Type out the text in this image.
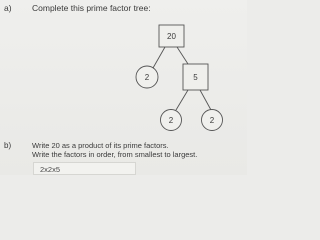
a) Complete this prime factor tree:
20
2	5
2	2
b)	Write 20 as a product of its prime factors.
Write the factors in order, from smallest to largest.
2x2x5
